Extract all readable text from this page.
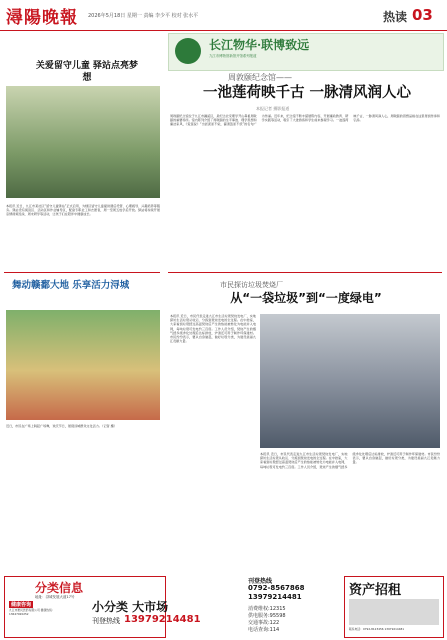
潯陽晚報 2026年5月18日 星期一 责编 李少平 校对 张水平	热读 03
长江物华·联博致远
九江市博物馆新馆开馆系列报道
关爱留守儿童 驿站点亮梦想
本报讯 近日，九江市某社区“留守儿童驿站”正式启用，为辖区留守儿童提供课后托管、心理疏导、兴趣培养等服务。驿站设有阅读区、活动区和作业辅导区，配备专职社工和志愿者，周一至周五放学后开放。驿站将持续开展亲情视频连线、周末研学等活动，让孩子们在陪伴中健康成长。
舞动赣鄱大地 乐享活力浔城
近日，市民在广场上跳起广场舞，欢庆节日，展现浔城群众文化活力。（记者 摄）
周敦颐纪念馆——
一池莲荷映千古 一脉清风润人心
本报记者 摄影报道
周敦颐纪念馆位于九江市濂溪区，是纪念北宋理学开山鼻祖周敦颐的重要场所。馆内陈列介绍了周敦颐的生平事迹、理学思想和廉洁家风，《爱莲说》“出淤泥而不染，濯清涟而不妖”的名句广为传诵。近年来，纪念馆不断丰富展陈内容，开展廉政教育、研学实践等活动，吸引了大批游客和学生前来参观学习。一池莲荷映千古，一脉清风润人心，周敦颐的思想品格在这里得到传承和弘扬。
市民探访垃圾焚烧厂
从“一袋垃圾”到“一度绿电”
本报讯 近日，市民代表走进九江市生活垃圾焚烧发电厂，实地探访生活垃圾从收运、分拣到焚烧发电的全过程。在中控室，大家看到垃圾经过高温焚烧后产生的热能被转化为电能并入电网，每吨垃圾可发电约三百度。工作人员介绍，焚烧产生的烟气经多级净化处理后达标排放，炉渣还可用于制作环保建材。市民纷纷表示，要从自身做起，做好垃圾分类，为建设美丽九江贡献力量。
本报讯 近日，市民代表走进九江市生活垃圾焚烧发电厂，实地探访生活垃圾从收运、分拣到焚烧发电的全过程。在中控室，大家看到垃圾经过高温焚烧后产生的热能被转化为电能并入电网，每吨垃圾可发电约三百度。工作人员介绍，焚烧产生的烟气经多级净化处理后达标排放，炉渣还可用于制作环保建材。市民纷纷表示，要从自身做起，做好垃圾分类，为建设美丽九江贡献力量。
分类信息
地址：浔城发展大道17号
健康咨询
九江市惠民医药有限公司 健康热线：13647920252	小分类 大市场
刊登热线 13979214481
刊登热线
0792-8567868
13979214481
消费维权:12315
供电服务:95598
交通事故:122
电话查询:114
资产招租
联系电话：0792-8123456 13979214481
